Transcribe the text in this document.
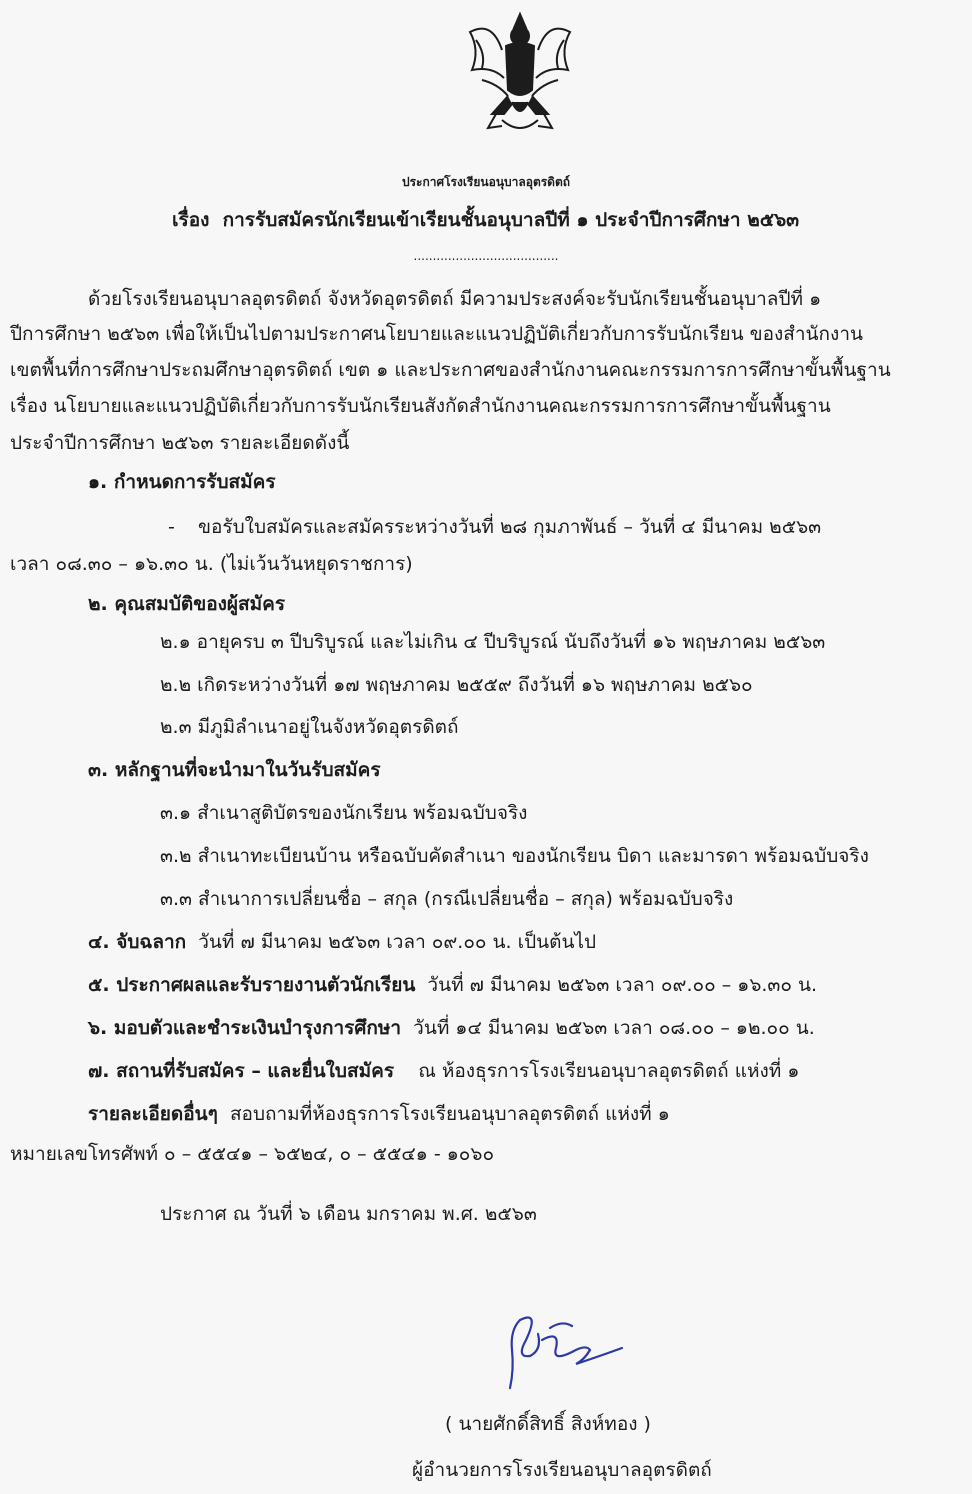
ประกาศโรงเรียนอนุบาลอุตรดิตถ์
เรื่อง การรับสมัครนักเรียนเข้าเรียนชั้นอนุบาลปีที่ ๑ ประจำปีการศึกษา ๒๕๖๓
......................................
ด้วยโรงเรียนอนุบาลอุตรดิตถ์ จังหวัดอุตรดิตถ์ มีความประสงค์จะรับนักเรียนชั้นอนุบาลปีที่ ๑
ปีการศึกษา ๒๕๖๓ เพื่อให้เป็นไปตามประกาศนโยบายและแนวปฏิบัติเกี่ยวกับการรับนักเรียน ของสำนักงาน
เขตพื้นที่การศึกษาประถมศึกษาอุตรดิตถ์ เขต ๑ และประกาศของสำนักงานคณะกรรมการการศึกษาขั้นพื้นฐาน
เรื่อง นโยบายและแนวปฏิบัติเกี่ยวกับการรับนักเรียนสังกัดสำนักงานคณะกรรมการการศึกษาขั้นพื้นฐาน
ประจำปีการศึกษา ๒๕๖๓ รายละเอียดดังนี้
๑. กำหนดการรับสมัคร
- ขอรับใบสมัครและสมัครระหว่างวันที่ ๒๘ กุมภาพันธ์ – วันที่ ๔ มีนาคม ๒๕๖๓
เวลา ๐๘.๓๐ – ๑๖.๓๐ น. (ไม่เว้นวันหยุดราชการ)
๒. คุณสมบัติของผู้สมัคร
๒.๑ อายุครบ ๓ ปีบริบูรณ์ และไม่เกิน ๔ ปีบริบูรณ์ นับถึงวันที่ ๑๖ พฤษภาคม ๒๕๖๓
๒.๒ เกิดระหว่างวันที่ ๑๗ พฤษภาคม ๒๕๕๙ ถึงวันที่ ๑๖ พฤษภาคม ๒๕๖๐
๒.๓ มีภูมิลำเนาอยู่ในจังหวัดอุตรดิตถ์
๓. หลักฐานที่จะนำมาในวันรับสมัคร
๓.๑ สำเนาสูติบัตรของนักเรียน พร้อมฉบับจริง
๓.๒ สำเนาทะเบียนบ้าน หรือฉบับคัดสำเนา ของนักเรียน บิดา และมารดา พร้อมฉบับจริง
๓.๓ สำเนาการเปลี่ยนชื่อ – สกุล (กรณีเปลี่ยนชื่อ – สกุล) พร้อมฉบับจริง
๔. จับฉลาก วันที่ ๗ มีนาคม ๒๕๖๓ เวลา ๐๙.๐๐ น. เป็นต้นไป
๕. ประกาศผลและรับรายงานตัวนักเรียน วันที่ ๗ มีนาคม ๒๕๖๓ เวลา ๐๙.๐๐ – ๑๖.๓๐ น.
๖. มอบตัวและชำระเงินบำรุงการศึกษา วันที่ ๑๔ มีนาคม ๒๕๖๓ เวลา ๐๘.๐๐ – ๑๒.๐๐ น.
๗. สถานที่รับสมัคร – และยื่นใบสมัคร ณ ห้องธุรการโรงเรียนอนุบาลอุตรดิตถ์ แห่งที่ ๑
รายละเอียดอื่นๆ สอบถามที่ห้องธุรการโรงเรียนอนุบาลอุตรดิตถ์ แห่งที่ ๑
หมายเลขโทรศัพท์ ๐ – ๕๕๔๑ – ๖๕๒๔, ๐ – ๕๕๔๑ - ๑๐๖๐
ประกาศ ณ วันที่ ๖ เดือน มกราคม พ.ศ. ๒๕๖๓
( นายศักดิ์สิทธิ์ สิงห์ทอง )
ผู้อำนวยการโรงเรียนอนุบาลอุตรดิตถ์
